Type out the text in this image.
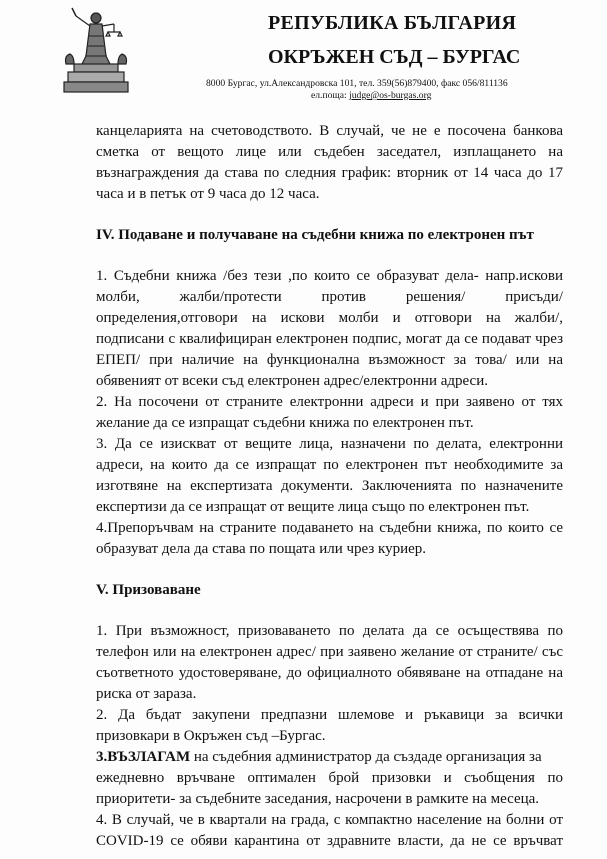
РЕПУБЛИКА БЪЛГАРИЯ
ОКРЪЖЕН СЪД – БУРГАС
8000 Бургас, ул.Александровска 101, тел. 359(56)879400, факс 056/811136
ел.поща: judge@os-burgas.org
канцеларията на счетоводството. В случай, че не е посочена банкова
сметка от вещото лице или съдебен заседател, изплащането на
възнаграждения да става по следния график: вторник от 14 часа до 17
часа и в петък от 9 часа до 12 часа.
IV. Подаване и получаване на съдебни книжа по електронен път
1. Съдебни книжа /без тези ,по които се образуват дела- напр.искови
молби, жалби/протести против решения/ присъди/
определения,отговори на искови молби и отговори на жалби/,
подписани с квалифициран електронен подпис, могат да се подават чрез
ЕПЕП/ при наличие на функционална възможност за това/ или на
обявеният от всеки съд електронен адрес/електронни адреси.
2. На посочени от страните електронни адреси и при заявено от тях
желание да се изпращат съдебни книжа по електронен път.
3. Да се изискват от вещите лица, назначени по делата, електронни
адреси, на които да се изпращат по електронен път необходимите за
изготвяне на експертизата документи. Заключенията по назначените
експертизи да се изпращат от вещите лица също по електронен път.
4.Препоръчвам на страните подаването на съдебни книжа, по които се
образуват дела да става по пощата или чрез куриер.
V. Призоваване
1. При възможност, призоваването по делата да се осъществява по
телефон или на електронен адрес/ при заявено желание от страните/ със
съответното удостоверяване, до официалното обявяване на отпадане на
риска от зараза.
2. Да бъдат закупени предпазни шлемове и ръкавици за всички
призовкари в Окръжен съд –Бургас.
3.ВЪЗЛАГАМ на съдебния администратор да създаде организация за
ежедневно връчване оптимален брой призовки и съобщения по
приоритети- за съдебните заседания, насрочени в рамките на месеца.
4. В случай, че в квартали на града, с компактно население на болни от
COVID-19 се обяви карантина от здравните власти, да не се връчват
